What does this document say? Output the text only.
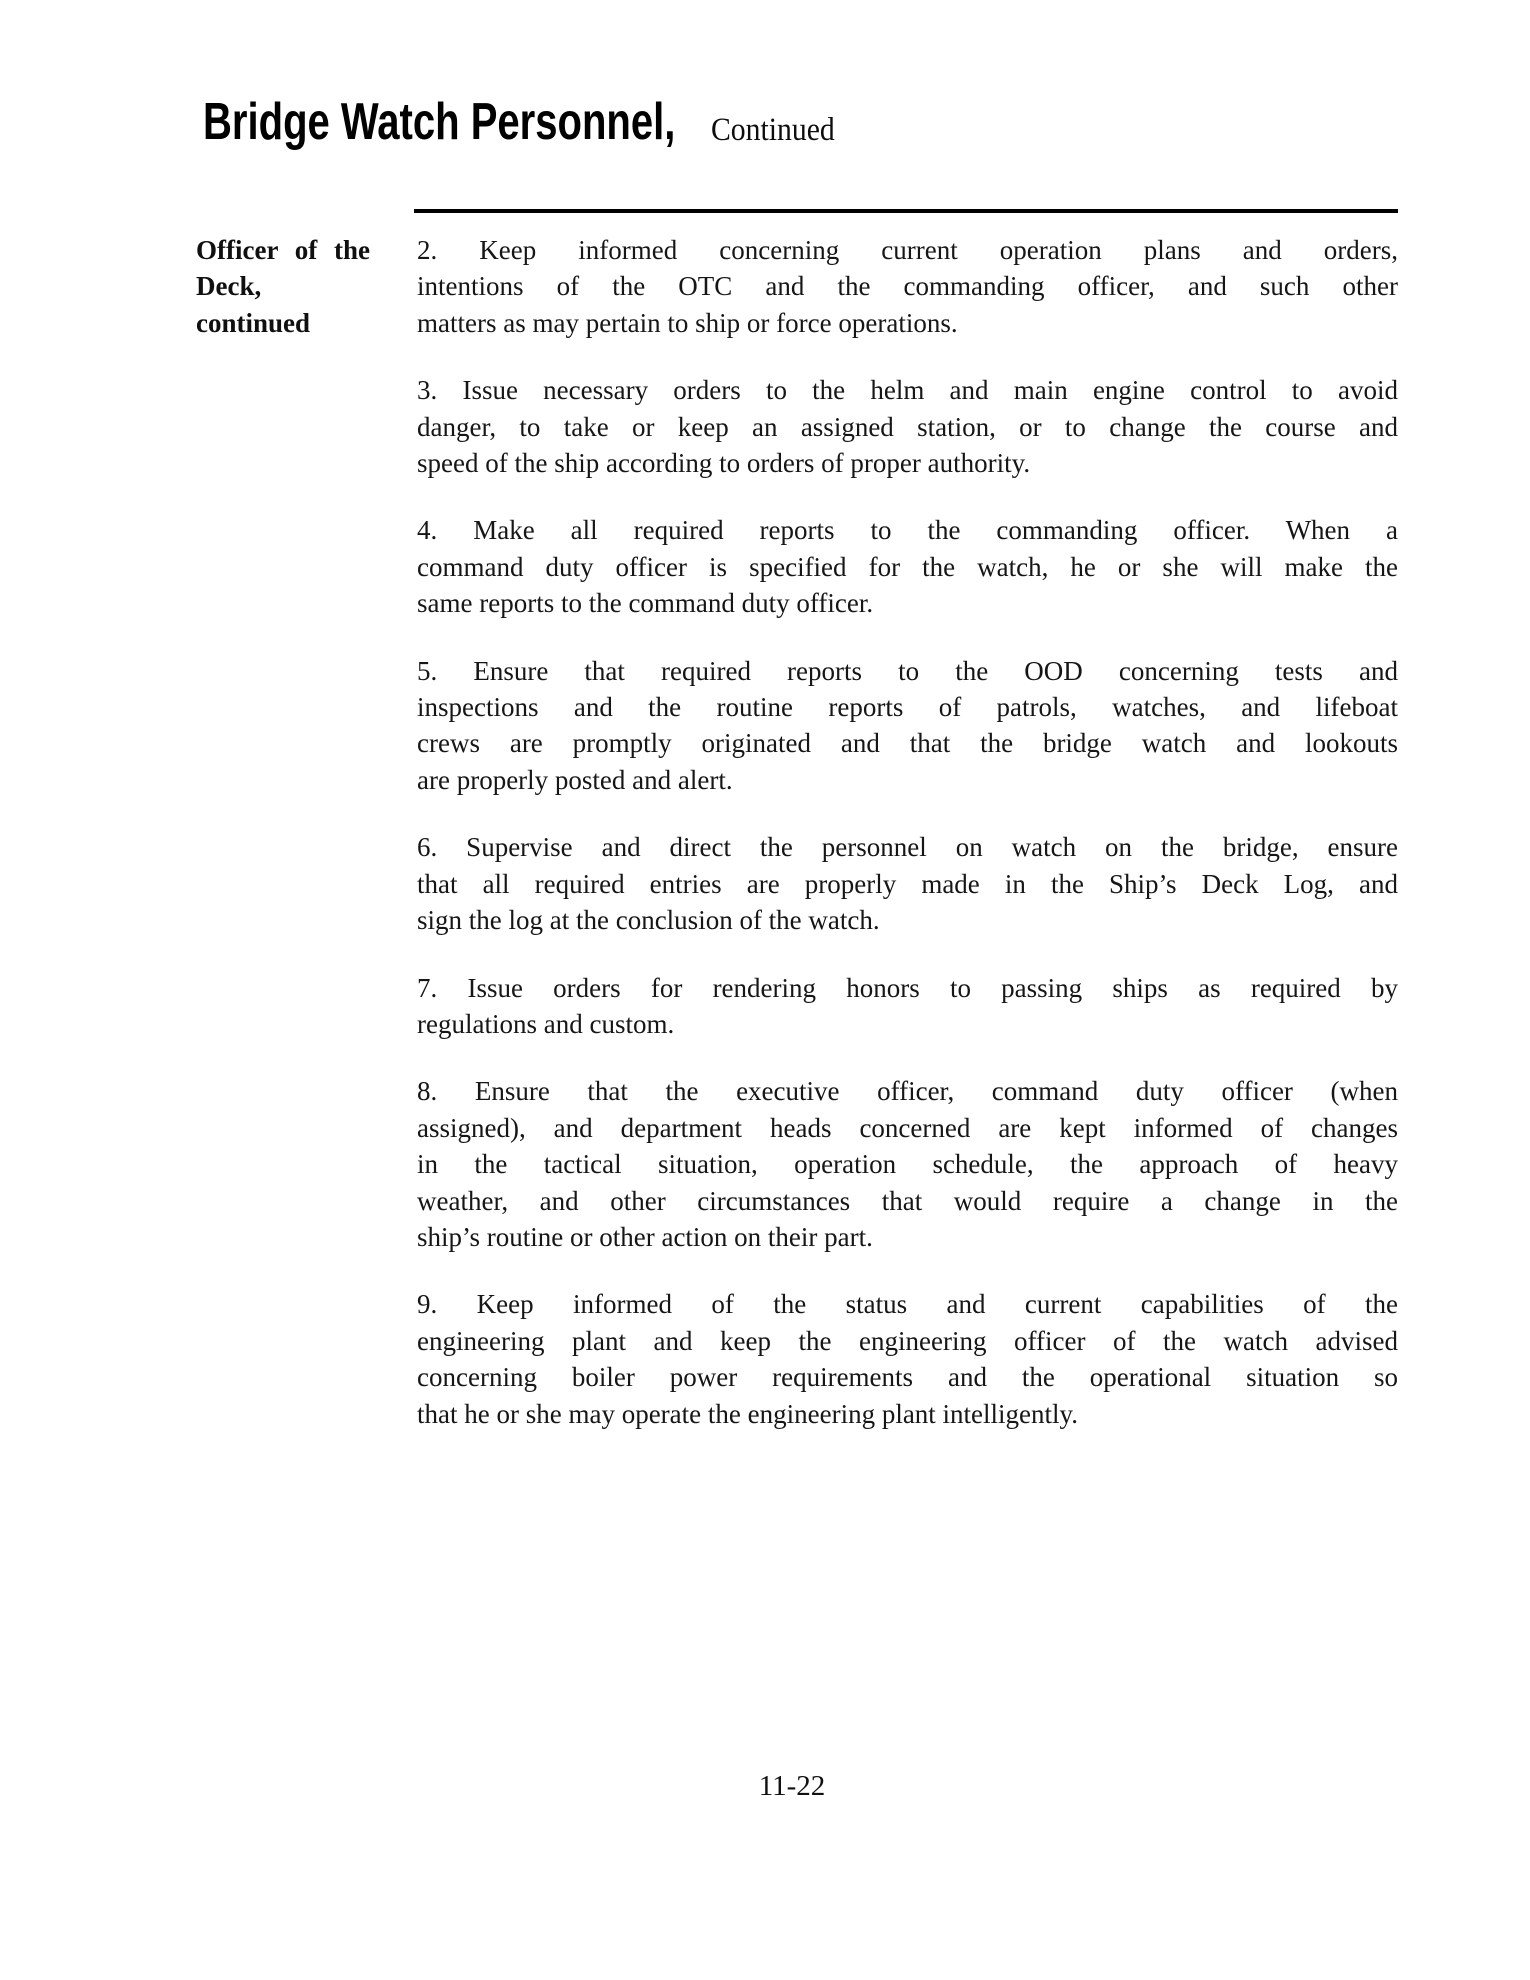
Bridge Watch Personnel, Continued
Officer of the
Deck, continued
2. Keep informed concerning current operation plans and orders,
intentions of the OTC and the commanding officer, and such other
matters as may pertain to ship or force operations.
3. Issue necessary orders to the helm and main engine control to avoid
danger, to take or keep an assigned station, or to change the course and
speed of the ship according to orders of proper authority.
4. Make all required reports to the commanding officer. When a
command duty officer is specified for the watch, he or she will make the
same reports to the command duty officer.
5. Ensure that required reports to the OOD concerning tests and
inspections and the routine reports of patrols, watches, and lifeboat
crews are promptly originated and that the bridge watch and lookouts
are properly posted and alert.
6. Supervise and direct the personnel on watch on the bridge, ensure
that all required entries are properly made in the Ship’s Deck Log, and
sign the log at the conclusion of the watch.
7. Issue orders for rendering honors to passing ships as required by
regulations and custom.
8. Ensure that the executive officer, command duty officer (when
assigned), and department heads concerned are kept informed of changes
in the tactical situation, operation schedule, the approach of heavy
weather, and other circumstances that would require a change in the
ship’s routine or other action on their part.
9. Keep informed of the status and current capabilities of the
engineering plant and keep the engineering officer of the watch advised
concerning boiler power requirements and the operational situation so
that he or she may operate the engineering plant intelligently.
11-22
